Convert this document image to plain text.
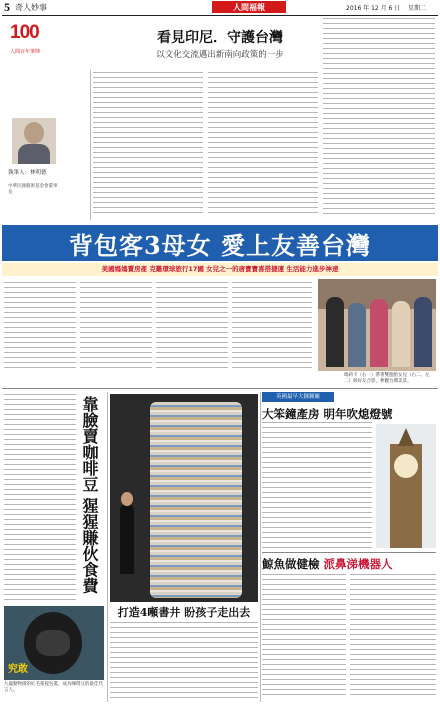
5 奇人妙事	人間福報	2016 年 12 月 6 日 星期二
100
人間百年筆陣
看見印尼．守護台灣
以文化交流邁出新南向政策的一步
執筆人：林明德
中華民國藝術基金會董事長
背包客3母女 愛上友善台灣
美國媽媽賣房產 克難環球旅行17國 女兒之一的唐寶寶喜搭捷運 生活能力進步神速
瑪莉卡（右一）帶著雙胞胎女兒（右二、左二）與好友合影，參觀台灣美景。
靠臉賣咖啡豆 猩猩賺伙食費
究敢
九龍動物園的紅毛猩猩包裝，成為咖啡豆的最佳代言人。
打造4噸書井 盼孩子走出去
英國最早大鐘鐘廠
大笨鐘產房 明年吹熄燈號
鯨魚做健檢 派鼻涕機器人
